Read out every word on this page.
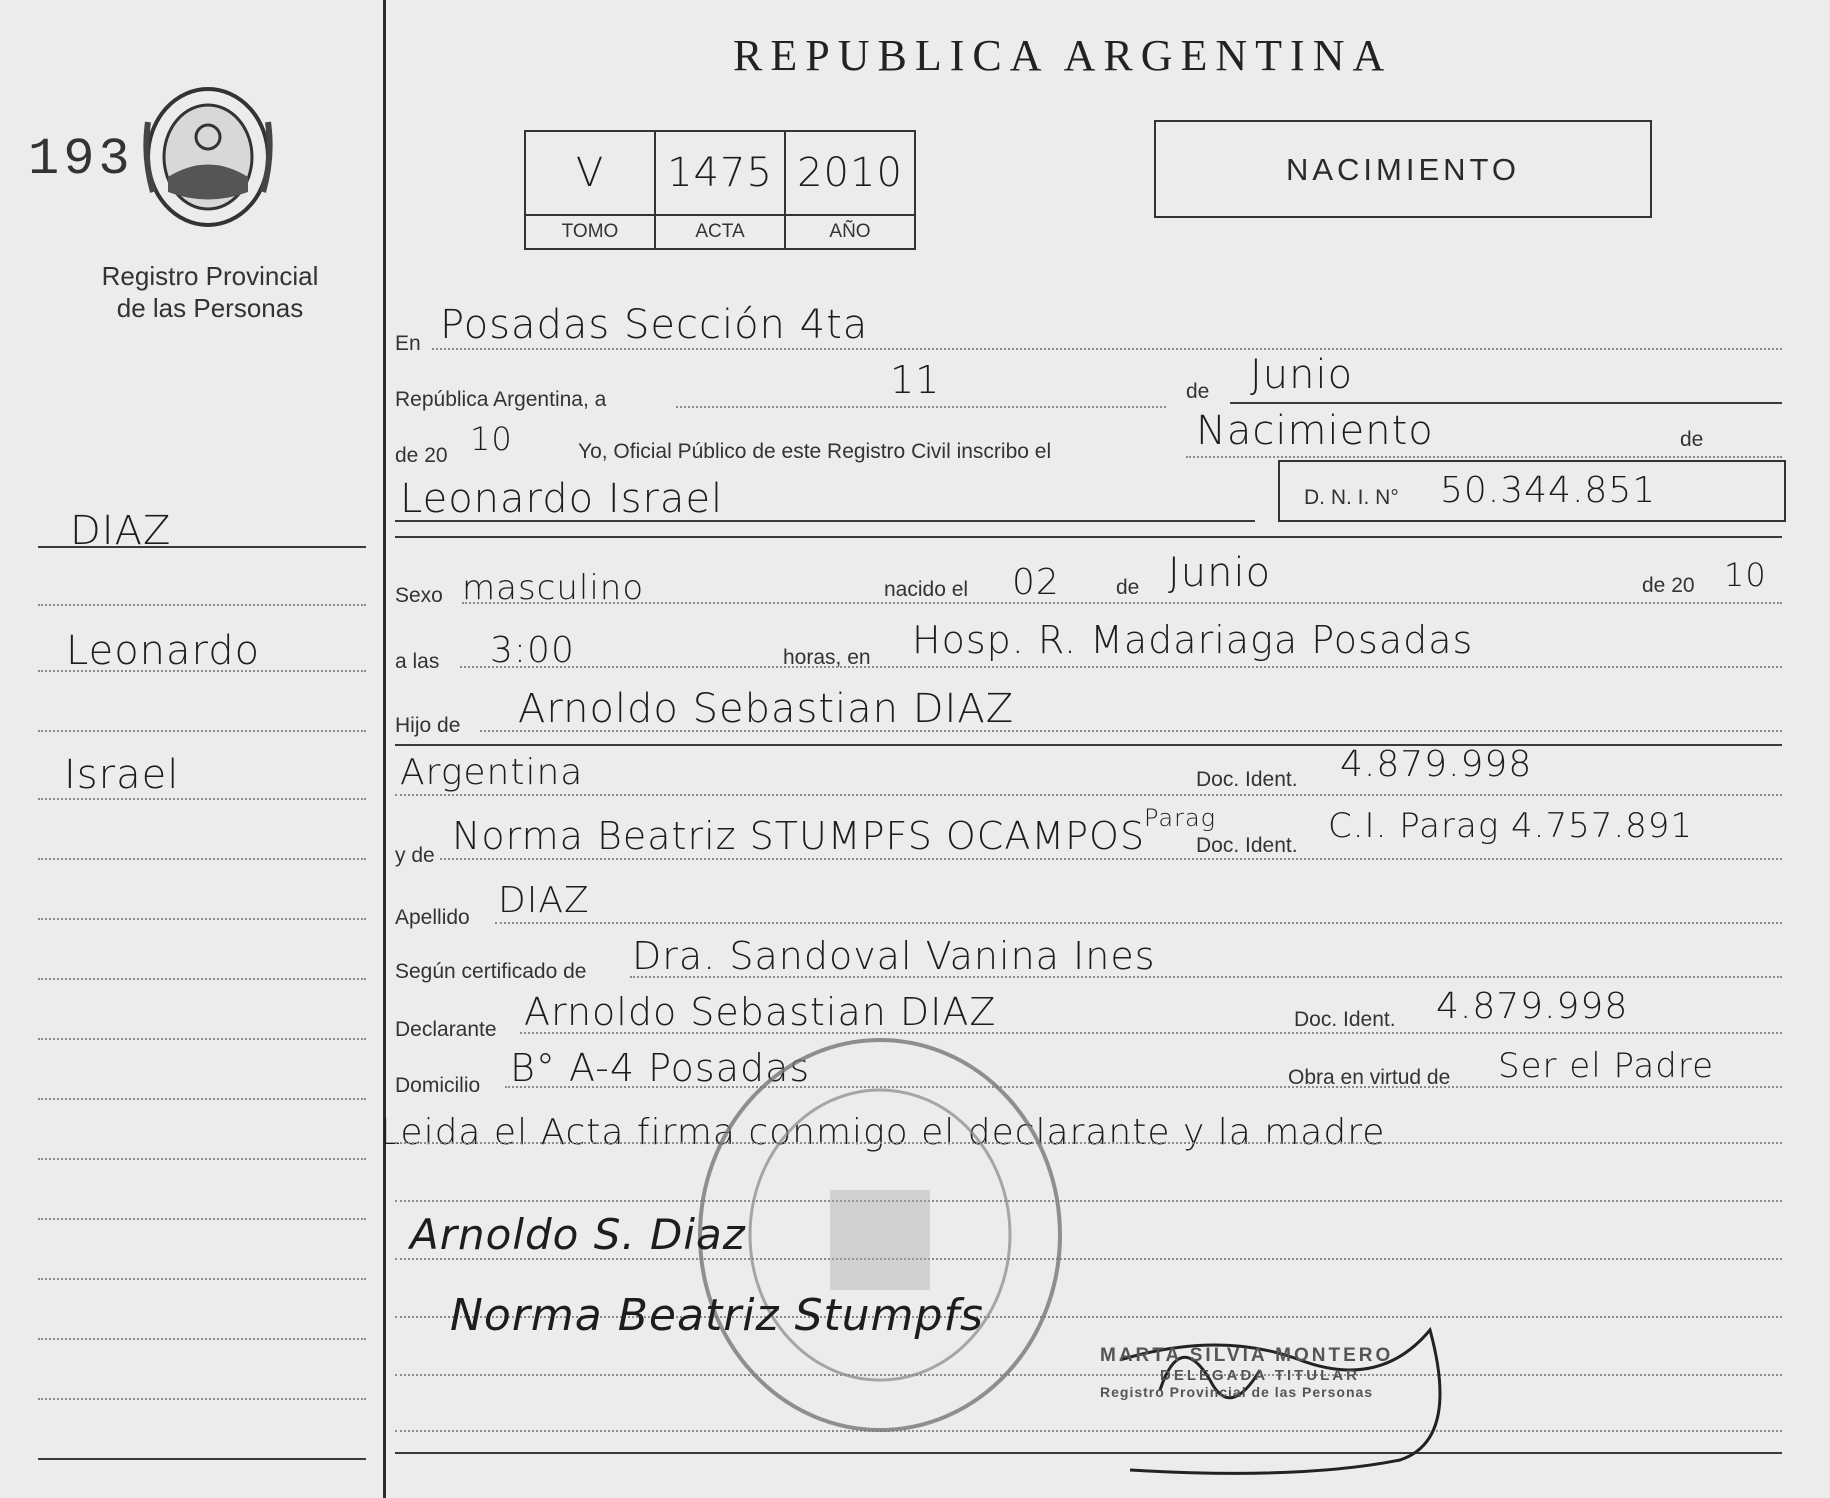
193
Registro Provincial
de las Personas
DIAZ
Leonardo
Israel
REPUBLICA ARGENTINA
V	1475	2010
TOMO	ACTA	AÑO
NACIMIENTO
En Posadas Sección 4ta
República Argentina, a	11	de Junio
de 20 10	Yo, Oficial Público de este Registro Civil inscribo el	Nacimiento	de
Leonardo Israel	D. N. I. N° 50.344.851
Sexo masculino	nacido el 02	de Junio	de 20 10
a las 3:00	horas, en Hosp. R. Madariaga Posadas
Hijo de Arnoldo Sebastian DIAZ
Argentina	Doc. Ident. 4.879.998
y de Norma Beatriz STUMPFS OCAMPOS
Parag
Doc. Ident. C.I. Parag 4.757.891
Apellido DIAZ
Según certificado de Dra. Sandoval Vanina Ines
Declarante Arnoldo Sebastian DIAZ	Doc. Ident. 4.879.998
Domicilio B° A-4 Posadas	Obra en virtud de Ser el Padre
Leida el Acta firma conmigo el declarante y la madre
Arnoldo S. Diaz
Norma Beatriz Stumpfs
MARTA SILVIA MONTERO
DELEGADA TITULAR
Registro Provincial de las Personas
